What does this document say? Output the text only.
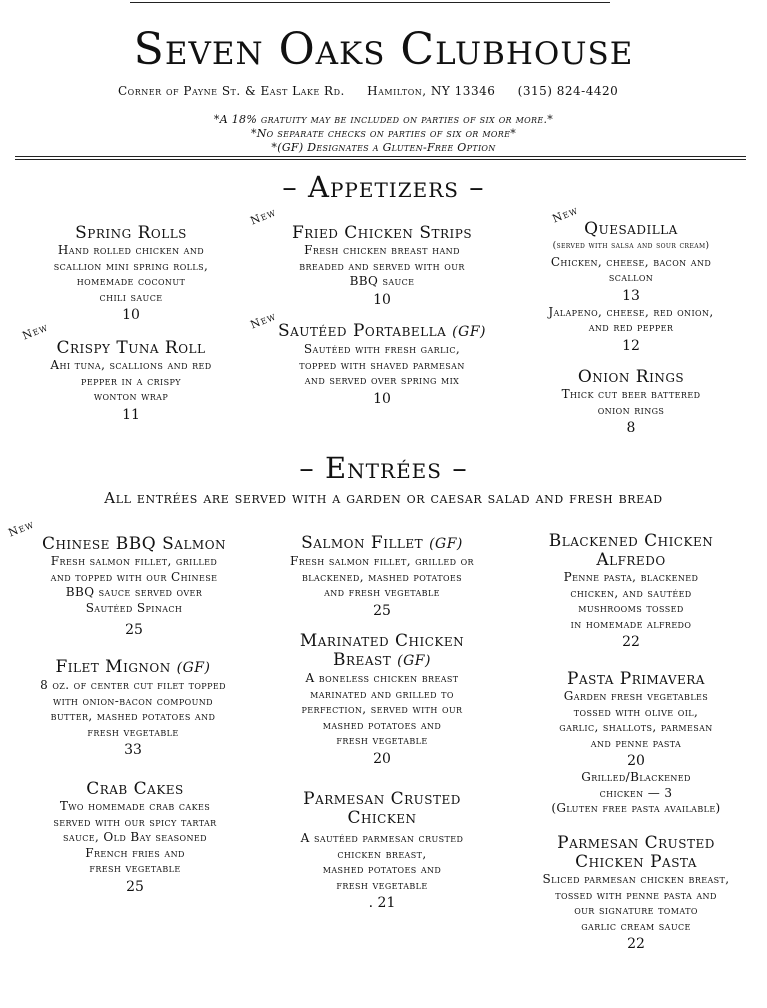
Seven Oaks Clubhouse
Corner of Payne St. & East Lake Rd. Hamilton, NY 13346 (315) 824-4420
*A 18% gratuity may be included on parties of six or more.*
*No separate checks on parties of six or more*
*(GF) Designates a Gluten-Free Option
– Appetizers –
Spring Rolls
Hand rolled chicken and
scallion mini spring rolls,
homemade coconut
chili sauce
10
New
Fried Chicken Strips
Fresh chicken breast hand
breaded and served with our
BBQ sauce
10
New
Quesadilla
(served with salsa and sour cream)
Chicken, cheese, bacon and
scallon
13
Jalapeno, cheese, red onion,
and red pepper
12
New
Crispy Tuna Roll
Ahi tuna, scallions and red
pepper in a crispy
wonton wrap
11
New Sautéed Portabella (GF)
Sautéed with fresh garlic,
topped with shaved parmesan
and served over spring mix
10
Onion Rings
Thick cut beer battered
onion rings
8
– Entrées –
All entrées are served with a garden or caesar salad and fresh bread
New
Chinese BBQ Salmon
Fresh salmon fillet, grilled
and topped with our Chinese
BBQ sauce served over
Sautéed Spinach
25
Salmon Fillet (GF)
Fresh salmon fillet, grilled or
blackened, mashed potatoes
and fresh vegetable
25
Blackened Chicken
Alfredo
Penne pasta, blackened
chicken, and sautéed
mushrooms tossed
in homemade alfredo
22
Filet Mignon (GF)
8 oz. of center cut filet topped
with onion-bacon compound
butter, mashed potatoes and
fresh vegetable
33
Marinated Chicken
Breast (GF)
A boneless chicken breast
marinated and grilled to
perfection, served with our
mashed potatoes and
fresh vegetable
20
Pasta Primavera
Garden fresh vegetables
tossed with olive oil,
garlic, shallots, parmesan
and penne pasta
20
Grilled/Blackened
chicken — 3
(Gluten free pasta available)
Crab Cakes
Two homemade crab cakes
served with our spicy tartar
sauce, Old Bay seasoned
French fries and
fresh vegetable
25
Parmesan Crusted
Chicken
A sautéed parmesan crusted
chicken breast,
mashed potatoes and
fresh vegetable
. 21
Parmesan Crusted
Chicken Pasta
Sliced parmesan chicken breast,
tossed with penne pasta and
our signature tomato
garlic cream sauce
22
